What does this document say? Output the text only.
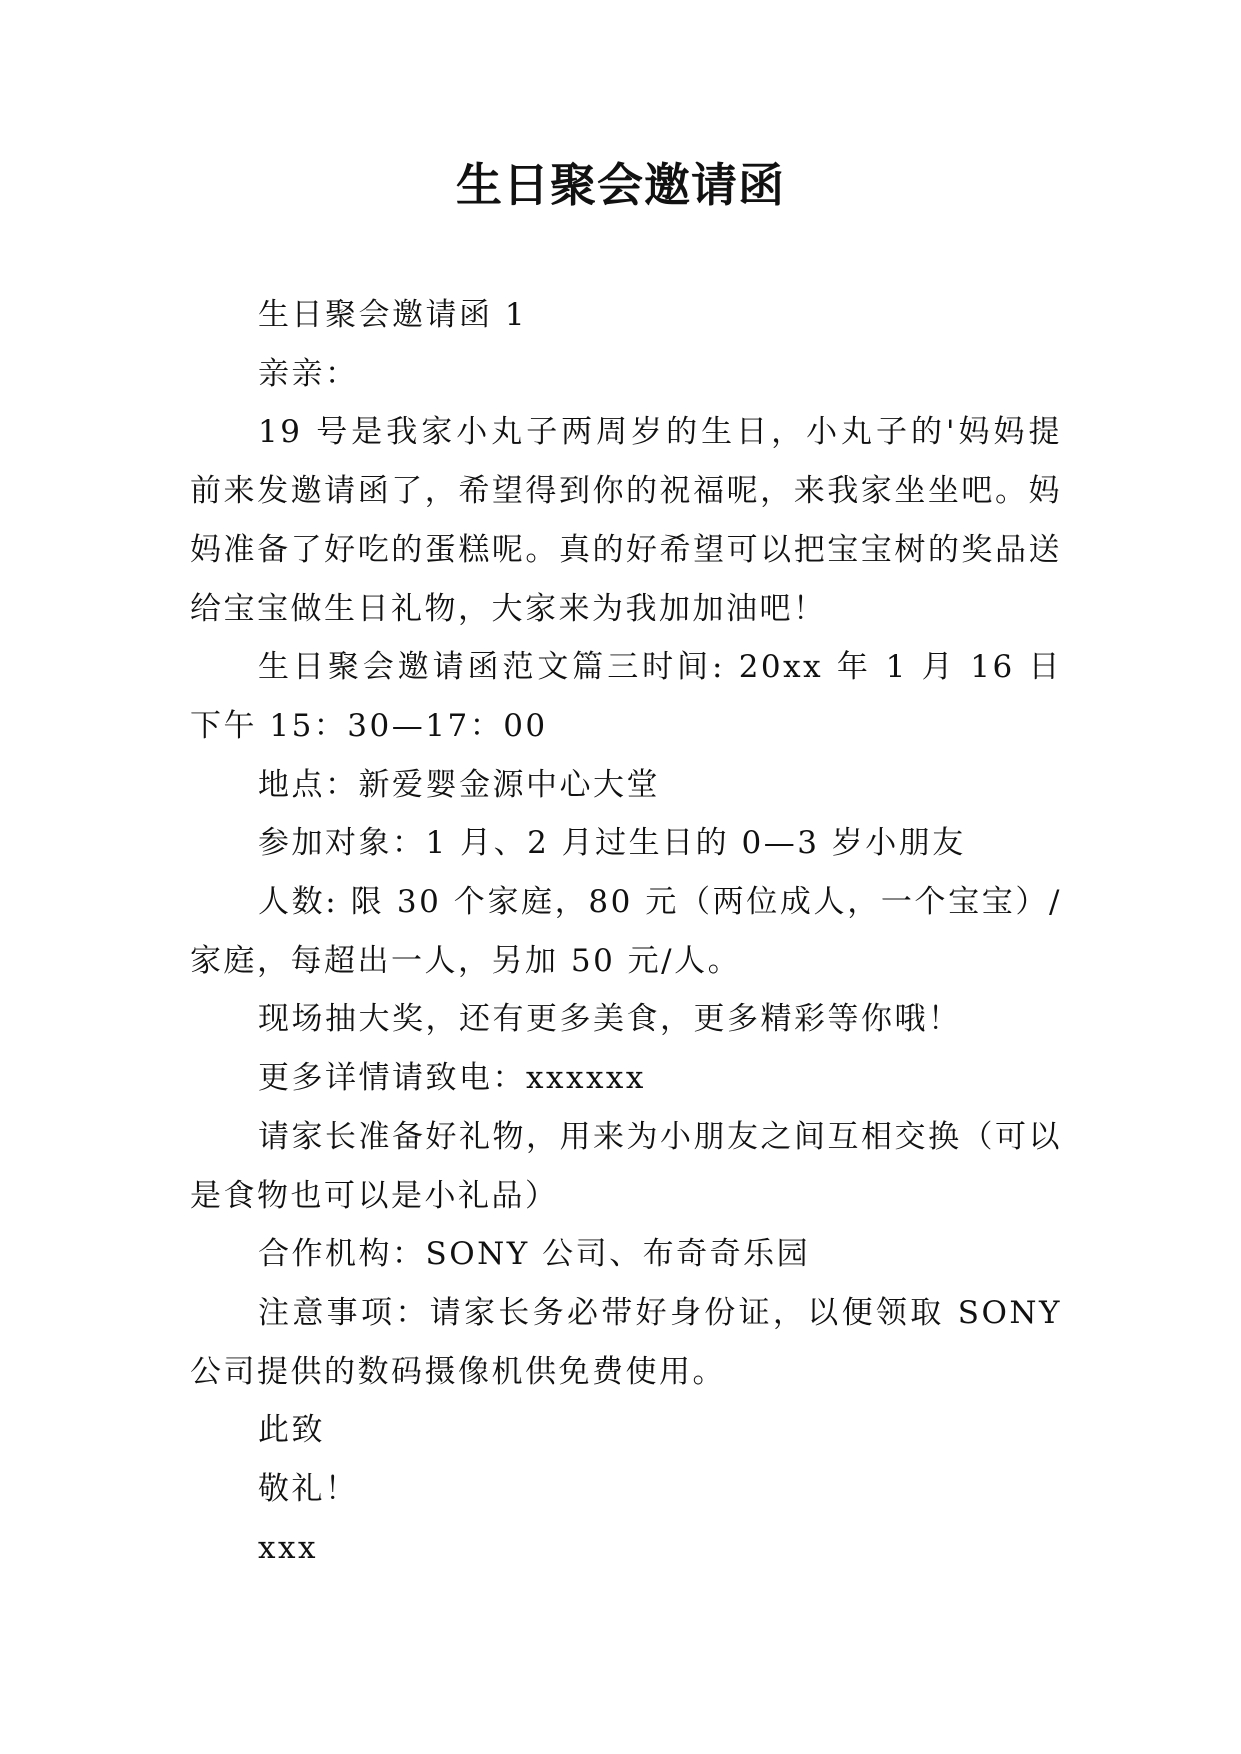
生日聚会邀请函

生日聚会邀请函 1

亲亲：

19 号是我家小丸子两周岁的生日，小丸子的'妈妈提前来发邀请函了，希望得到你的祝福呢，来我家坐坐吧。妈妈准备了好吃的蛋糕呢。真的好希望可以把宝宝树的奖品送给宝宝做生日礼物，大家来为我加加油吧！

生日聚会邀请函范文篇三时间: 20xx 年 1 月 16 日下午 15：30—17：00

地点：新爱婴金源中心大堂

参加对象：1 月、2 月过生日的 0—3 岁小朋友

人数: 限 30 个家庭，80 元（两位成人，一个宝宝）/家庭，每超出一人，另加 50 元/人。

现场抽大奖，还有更多美食，更多精彩等你哦！

更多详情请致电：xxxxxx

请家长准备好礼物，用来为小朋友之间互相交换（可以是食物也可以是小礼品）

合作机构：SONY 公司、布奇奇乐园

注意事项：请家长务必带好身份证，以便领取 SONY 公司提供的数码摄像机供免费使用。

此致

敬礼！

xxx
